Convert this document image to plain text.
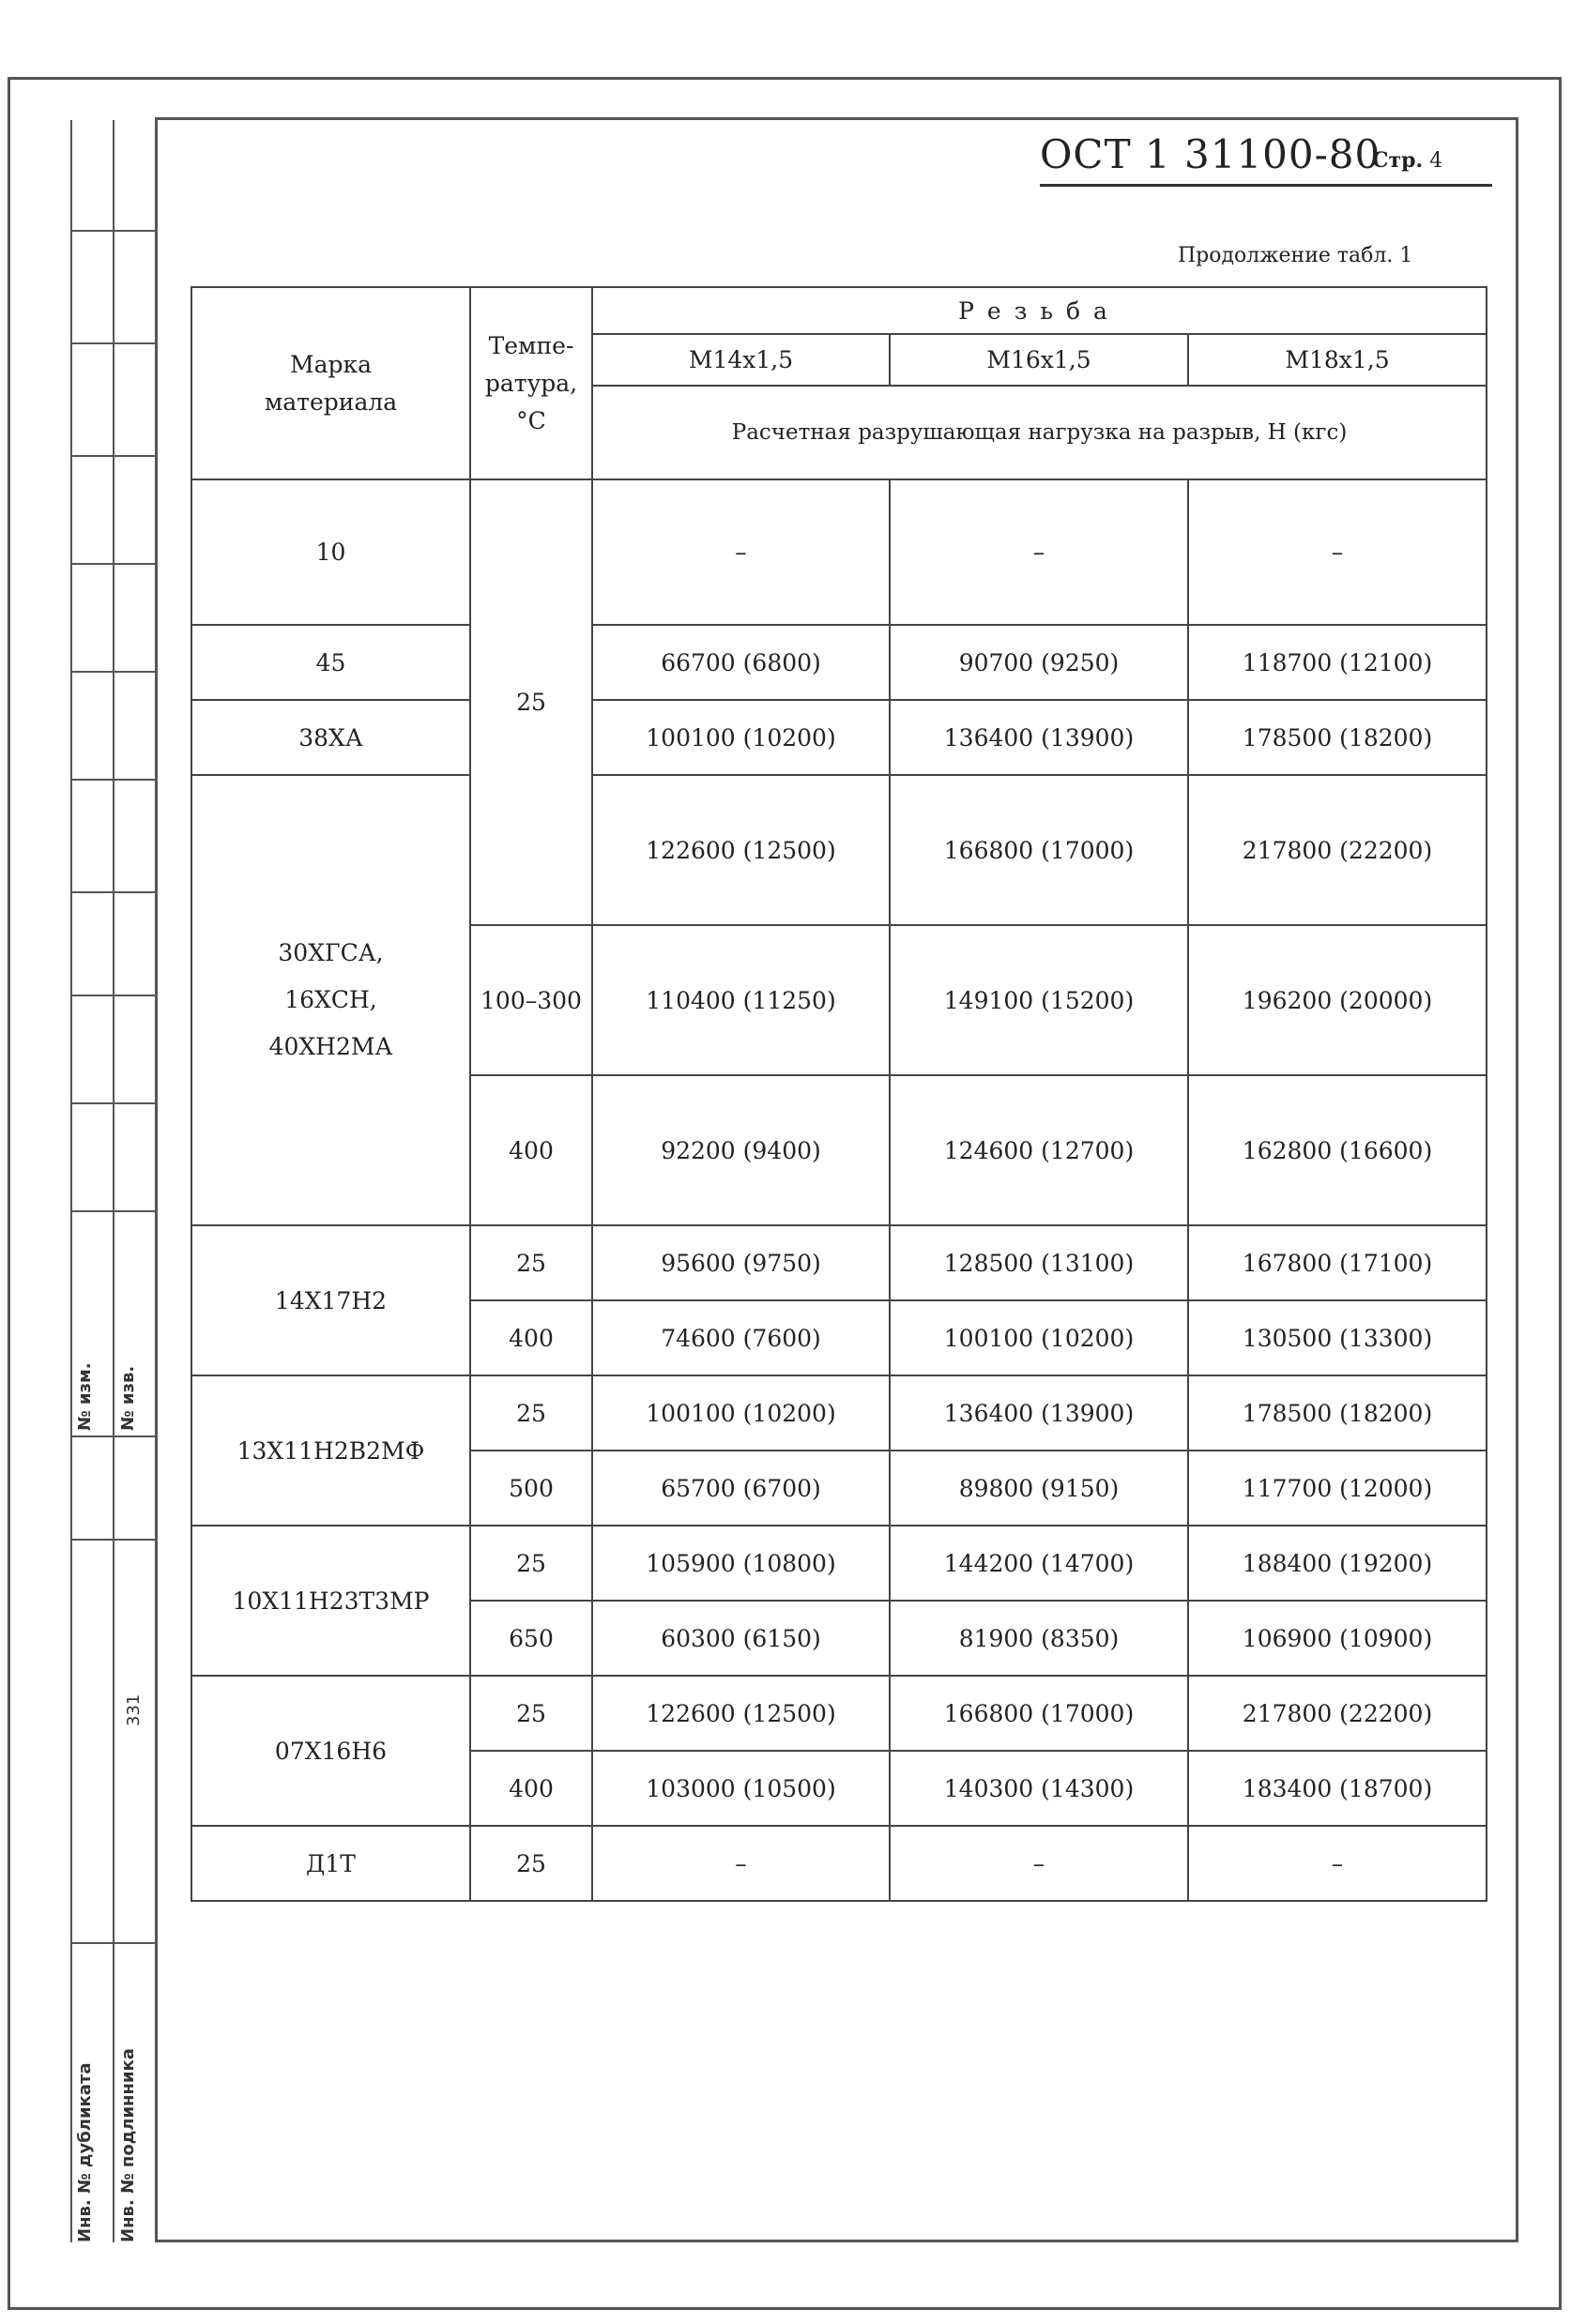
№ изм. № изв.
331
Инв. № дубликата Инв. № подлинника
ОСТ 1 31100-80
Стр. 4
Продолжение табл. 1
Марка материала	Темпе- ратура, °С	Резьба		
		М14x1,5	М16x1,5	М18x1,5
		Расчетная разрушающая нагрузка на разрыв, Н (кгс)		
10	25	–	–	–
45		66700 (6800)	90700 (9250)	118700 (12100)
38ХА		100100 (10200)	136400 (13900)	178500 (18200)
30ХГСА, 16ХСН, 40ХН2МА		122600 (12500)	166800 (17000)	217800 (22200)
	100–300	110400 (11250)	149100 (15200)	196200 (20000)
	400	92200 (9400)	124600 (12700)	162800 (16600)
14Х17Н2	25	95600 (9750)	128500 (13100)	167800 (17100)
	400	74600 (7600)	100100 (10200)	130500 (13300)
13Х11Н2В2МФ	25	100100 (10200)	136400 (13900)	178500 (18200)
	500	65700 (6700)	89800 (9150)	117700 (12000)
10Х11Н23Т3МР	25	105900 (10800)	144200 (14700)	188400 (19200)
	650	60300 (6150)	81900 (8350)	106900 (10900)
07Х16Н6	25	122600 (12500)	166800 (17000)	217800 (22200)
	400	103000 (10500)	140300 (14300)	183400 (18700)
Д1Т	25	–	–	–
